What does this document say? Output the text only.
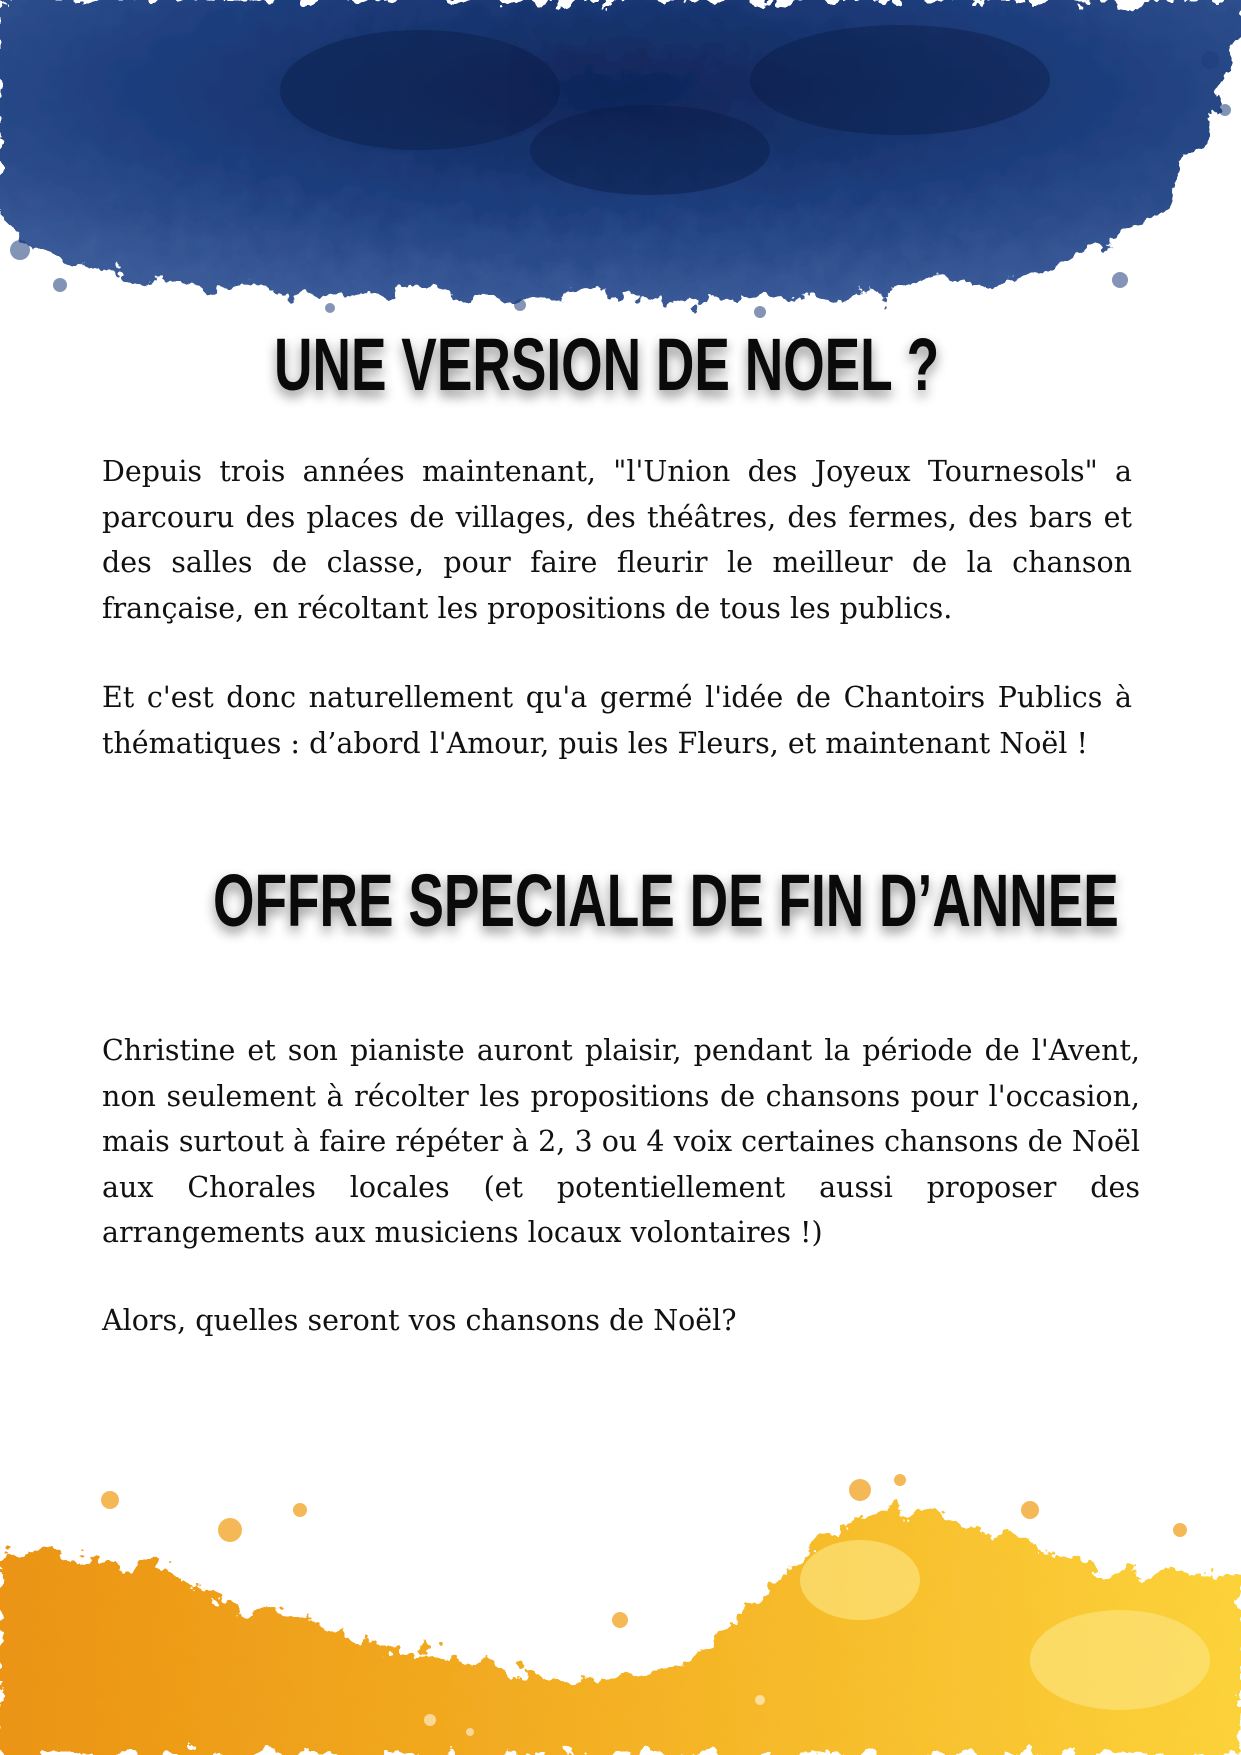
UNE VERSION DE NOEL ?

Depuis trois années maintenant, "l'Union des Joyeux Tournesols" a parcouru des places de villages, des théâtres, des fermes, des bars et des salles de classe, pour faire fleurir le meilleur de la chanson française, en récoltant les propositions de tous les publics.

Et c'est donc naturellement qu'a germé l'idée de Chantoirs Publics à thématiques : d’abord l'Amour, puis les Fleurs, et maintenant Noël !

OFFRE SPECIALE DE FIN D’ANNEE

Christine et son pianiste auront plaisir, pendant la période de l'Avent, non seulement à récolter les propositions de chansons pour l'occasion, mais surtout à faire répéter à 2, 3 ou 4 voix certaines chansons de Noël aux Chorales locales (et potentiellement aussi proposer des arrangements aux musiciens locaux volontaires !)

Alors, quelles seront vos chansons de Noël?
